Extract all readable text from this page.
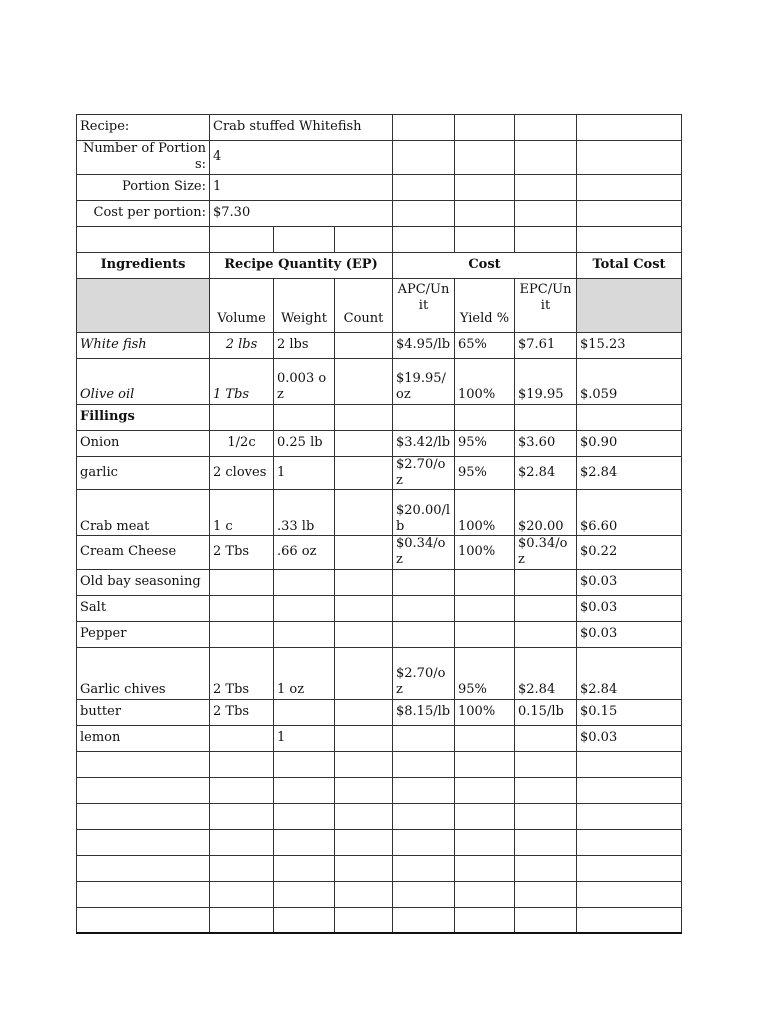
Recipe:	Crab stuffed Whitefish						
Number of Portions:	4						
Portion Size:	1						
Cost per portion:	$7.30						

Ingredients	Recipe Quantity (EP)			Cost			Total Cost
	Volume	Weight	Count	APC/Unit	Yield %	EPC/Unit	
White fish	2 lbs	2 lbs		$4.95/lb	65%	$7.61	$15.23
Olive oil	1 Tbs	0.003 oz		$19.95/oz	100%	$19.95	$.059
Fillings							
Onion	1/2c	0.25 lb		$3.42/lb	95%	$3.60	$0.90
garlic	2 cloves	1		$2.70/oz	95%	$2.84	$2.84
Crab meat	1 c	.33 lb		$20.00/lb	100%	$20.00	$6.60
Cream Cheese	2 Tbs	.66 oz		$0.34/oz	100%	$0.34/oz	$0.22
Old bay seasoning							$0.03
Salt							$0.03
Pepper							$0.03
Garlic chives	2 Tbs	1 oz		$2.70/oz	95%	$2.84	$2.84
butter	2 Tbs			$8.15/lb	100%	0.15/lb	$0.15
lemon		1					$0.03
